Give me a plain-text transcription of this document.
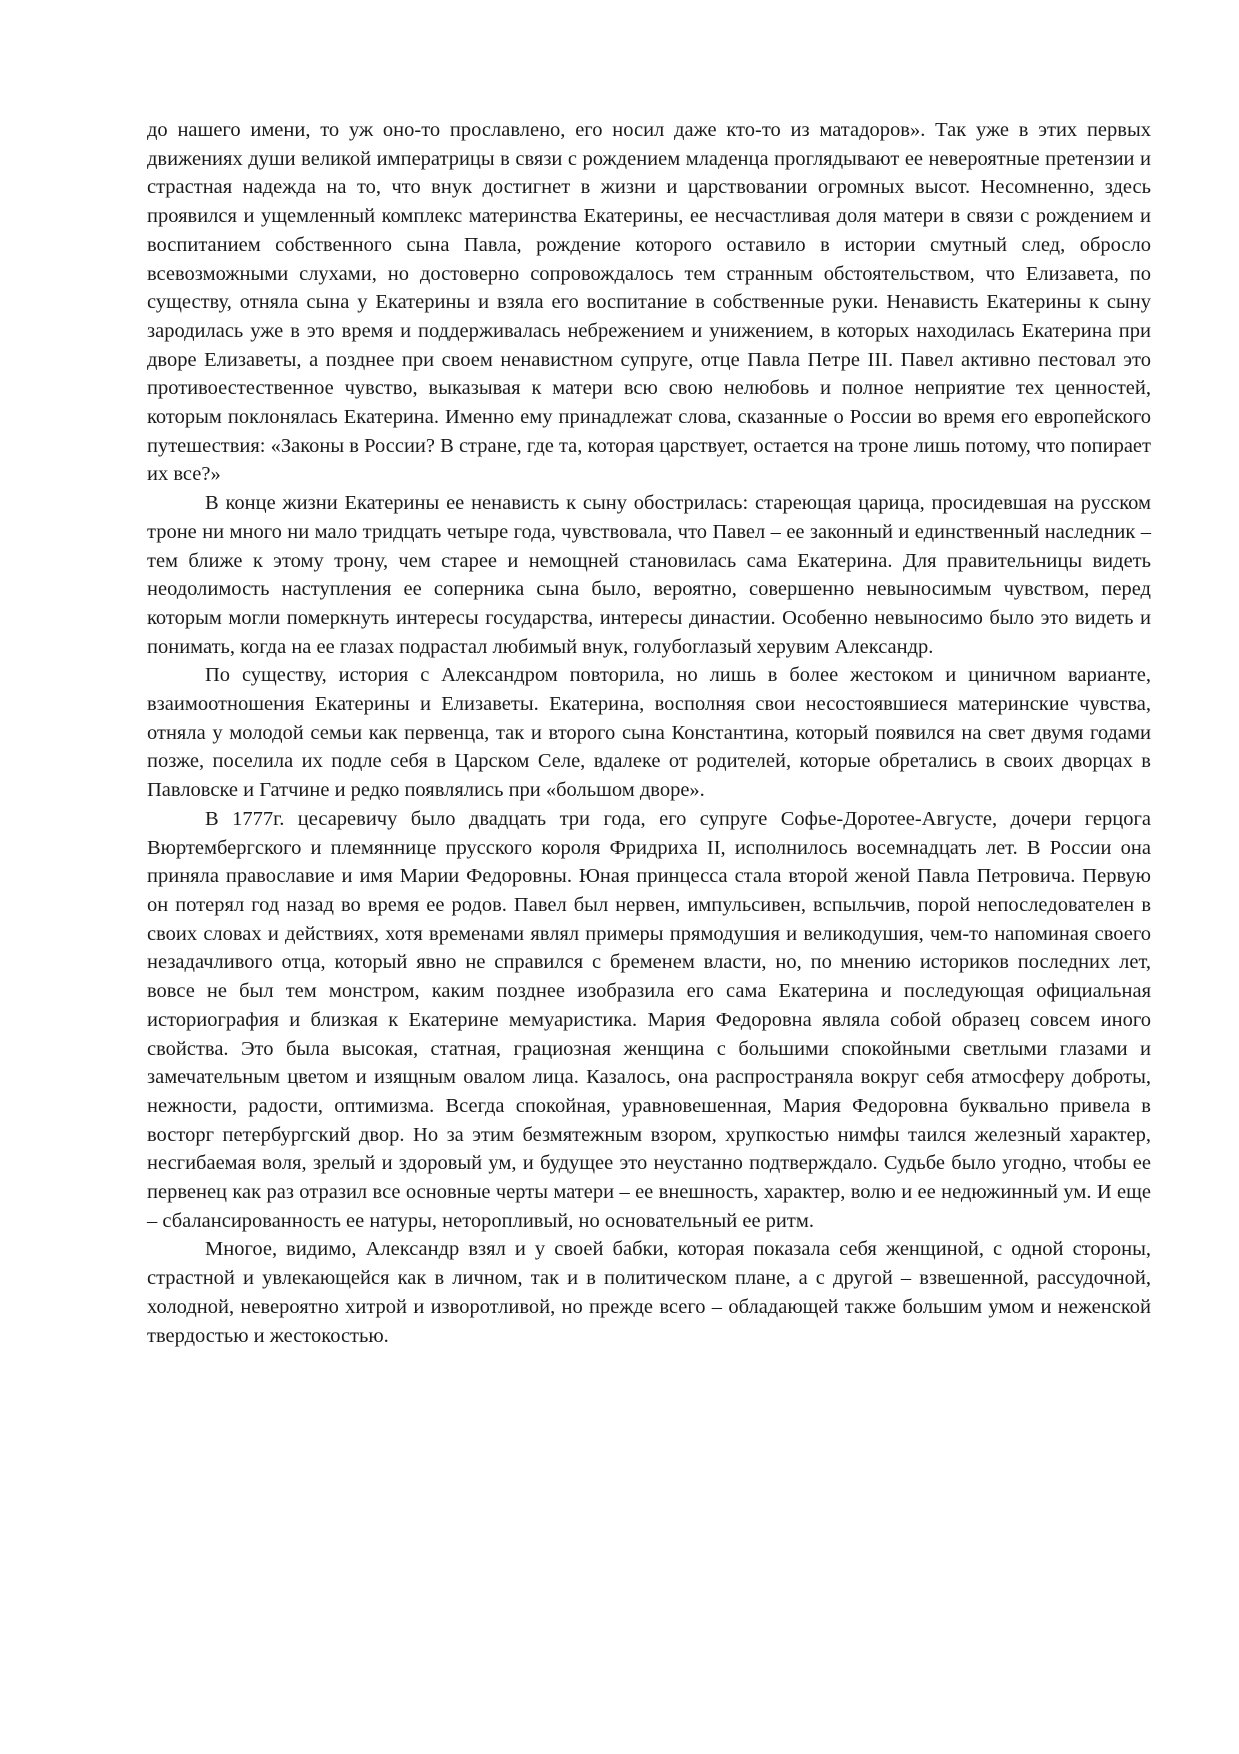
до нашего имени, то уж оно-то прославлено, его носил даже кто-то из матадоров». Так уже в этих первых движениях души великой императрицы в связи с рождением младенца проглядывают ее невероятные претензии и страстная надежда на то, что внук достигнет в жизни и царствовании огромных высот. Несомненно, здесь проявился и ущемленный комплекс материнства Екатерины, ее несчастливая доля матери в связи с рождением и воспитанием собственного сына Павла, рождение которого оставило в истории смутный след, обросло всевозможными слухами, но достоверно сопровождалось тем странным обстоятельством, что Елизавета, по существу, отняла сына у Екатерины и взяла его воспитание в собственные руки. Ненависть Екатерины к сыну зародилась уже в это время и поддерживалась небрежением и унижением, в которых находилась Екатерина при дворе Елизаветы, а позднее при своем ненавистном супруге, отце Павла Петре III. Павел активно пестовал это противоестественное чувство, выказывая к матери всю свою нелюбовь и полное неприятие тех ценностей, которым поклонялась Екатерина. Именно ему принадлежат слова, сказанные о России во время его европейского путешествия: «Законы в России? В стране, где та, которая царствует, остается на троне лишь потому, что попирает их все?»

В конце жизни Екатерины ее ненависть к сыну обострилась: стареющая царица, просидевшая на русском троне ни много ни мало тридцать четыре года, чувствовала, что Павел – ее законный и единственный наследник – тем ближе к этому трону, чем старее и немощней становилась сама Екатерина. Для правительницы видеть неодолимость наступления ее соперника сына было, вероятно, совершенно невыносимым чувством, перед которым могли померкнуть интересы государства, интересы династии. Особенно невыносимо было это видеть и понимать, когда на ее глазах подрастал любимый внук, голубоглазый херувим Александр.

По существу, история с Александром повторила, но лишь в более жестоком и циничном варианте, взаимоотношения Екатерины и Елизаветы. Екатерина, восполняя свои несостоявшиеся материнские чувства, отняла у молодой семьи как первенца, так и второго сына Константина, который появился на свет двумя годами позже, поселила их подле себя в Царском Селе, вдалеке от родителей, которые обретались в своих дворцах в Павловске и Гатчине и редко появлялись при «большом дворе».

В 1777г. цесаревичу было двадцать три года, его супруге Софье-Доротее-Августе, дочери герцога Вюртембергского и племяннице прусского короля Фридриха II, исполнилось восемнадцать лет. В России она приняла православие и имя Марии Федоровны. Юная принцесса стала второй женой Павла Петровича. Первую он потерял год назад во время ее родов. Павел был нервен, импульсивен, вспыльчив, порой непоследователен в своих словах и действиях, хотя временами являл примеры прямодушия и великодушия, чем-то напоминая своего незадачливого отца, который явно не справился с бременем власти, но, по мнению историков последних лет, вовсе не был тем монстром, каким позднее изобразила его сама Екатерина и последующая официальная историография и близкая к Екатерине мемуаристика. Мария Федоровна являла собой образец совсем иного свойства. Это была высокая, статная, грациозная женщина с большими спокойными светлыми глазами и замечательным цветом и изящным овалом лица. Казалось, она распространяла вокруг себя атмосферу доброты, нежности, радости, оптимизма. Всегда спокойная, уравновешенная, Мария Федоровна буквально привела в восторг петербургский двор. Но за этим безмятежным взором, хрупкостью нимфы таился железный характер, несгибаемая воля, зрелый и здоровый ум, и будущее это неустанно подтверждало. Судьбе было угодно, чтобы ее первенец как раз отразил все основные черты матери – ее внешность, характер, волю и ее недюжинный ум. И еще – сбалансированность ее натуры, неторопливый, но основательный ее ритм.

Многое, видимо, Александр взял и у своей бабки, которая показала себя женщиной, с одной стороны, страстной и увлекающейся как в личном, так и в политическом плане, а с другой – взвешенной, рассудочной, холодной, невероятно хитрой и изворотливой, но прежде всего – обладающей также большим умом и неженской твердостью и жестокостью.
